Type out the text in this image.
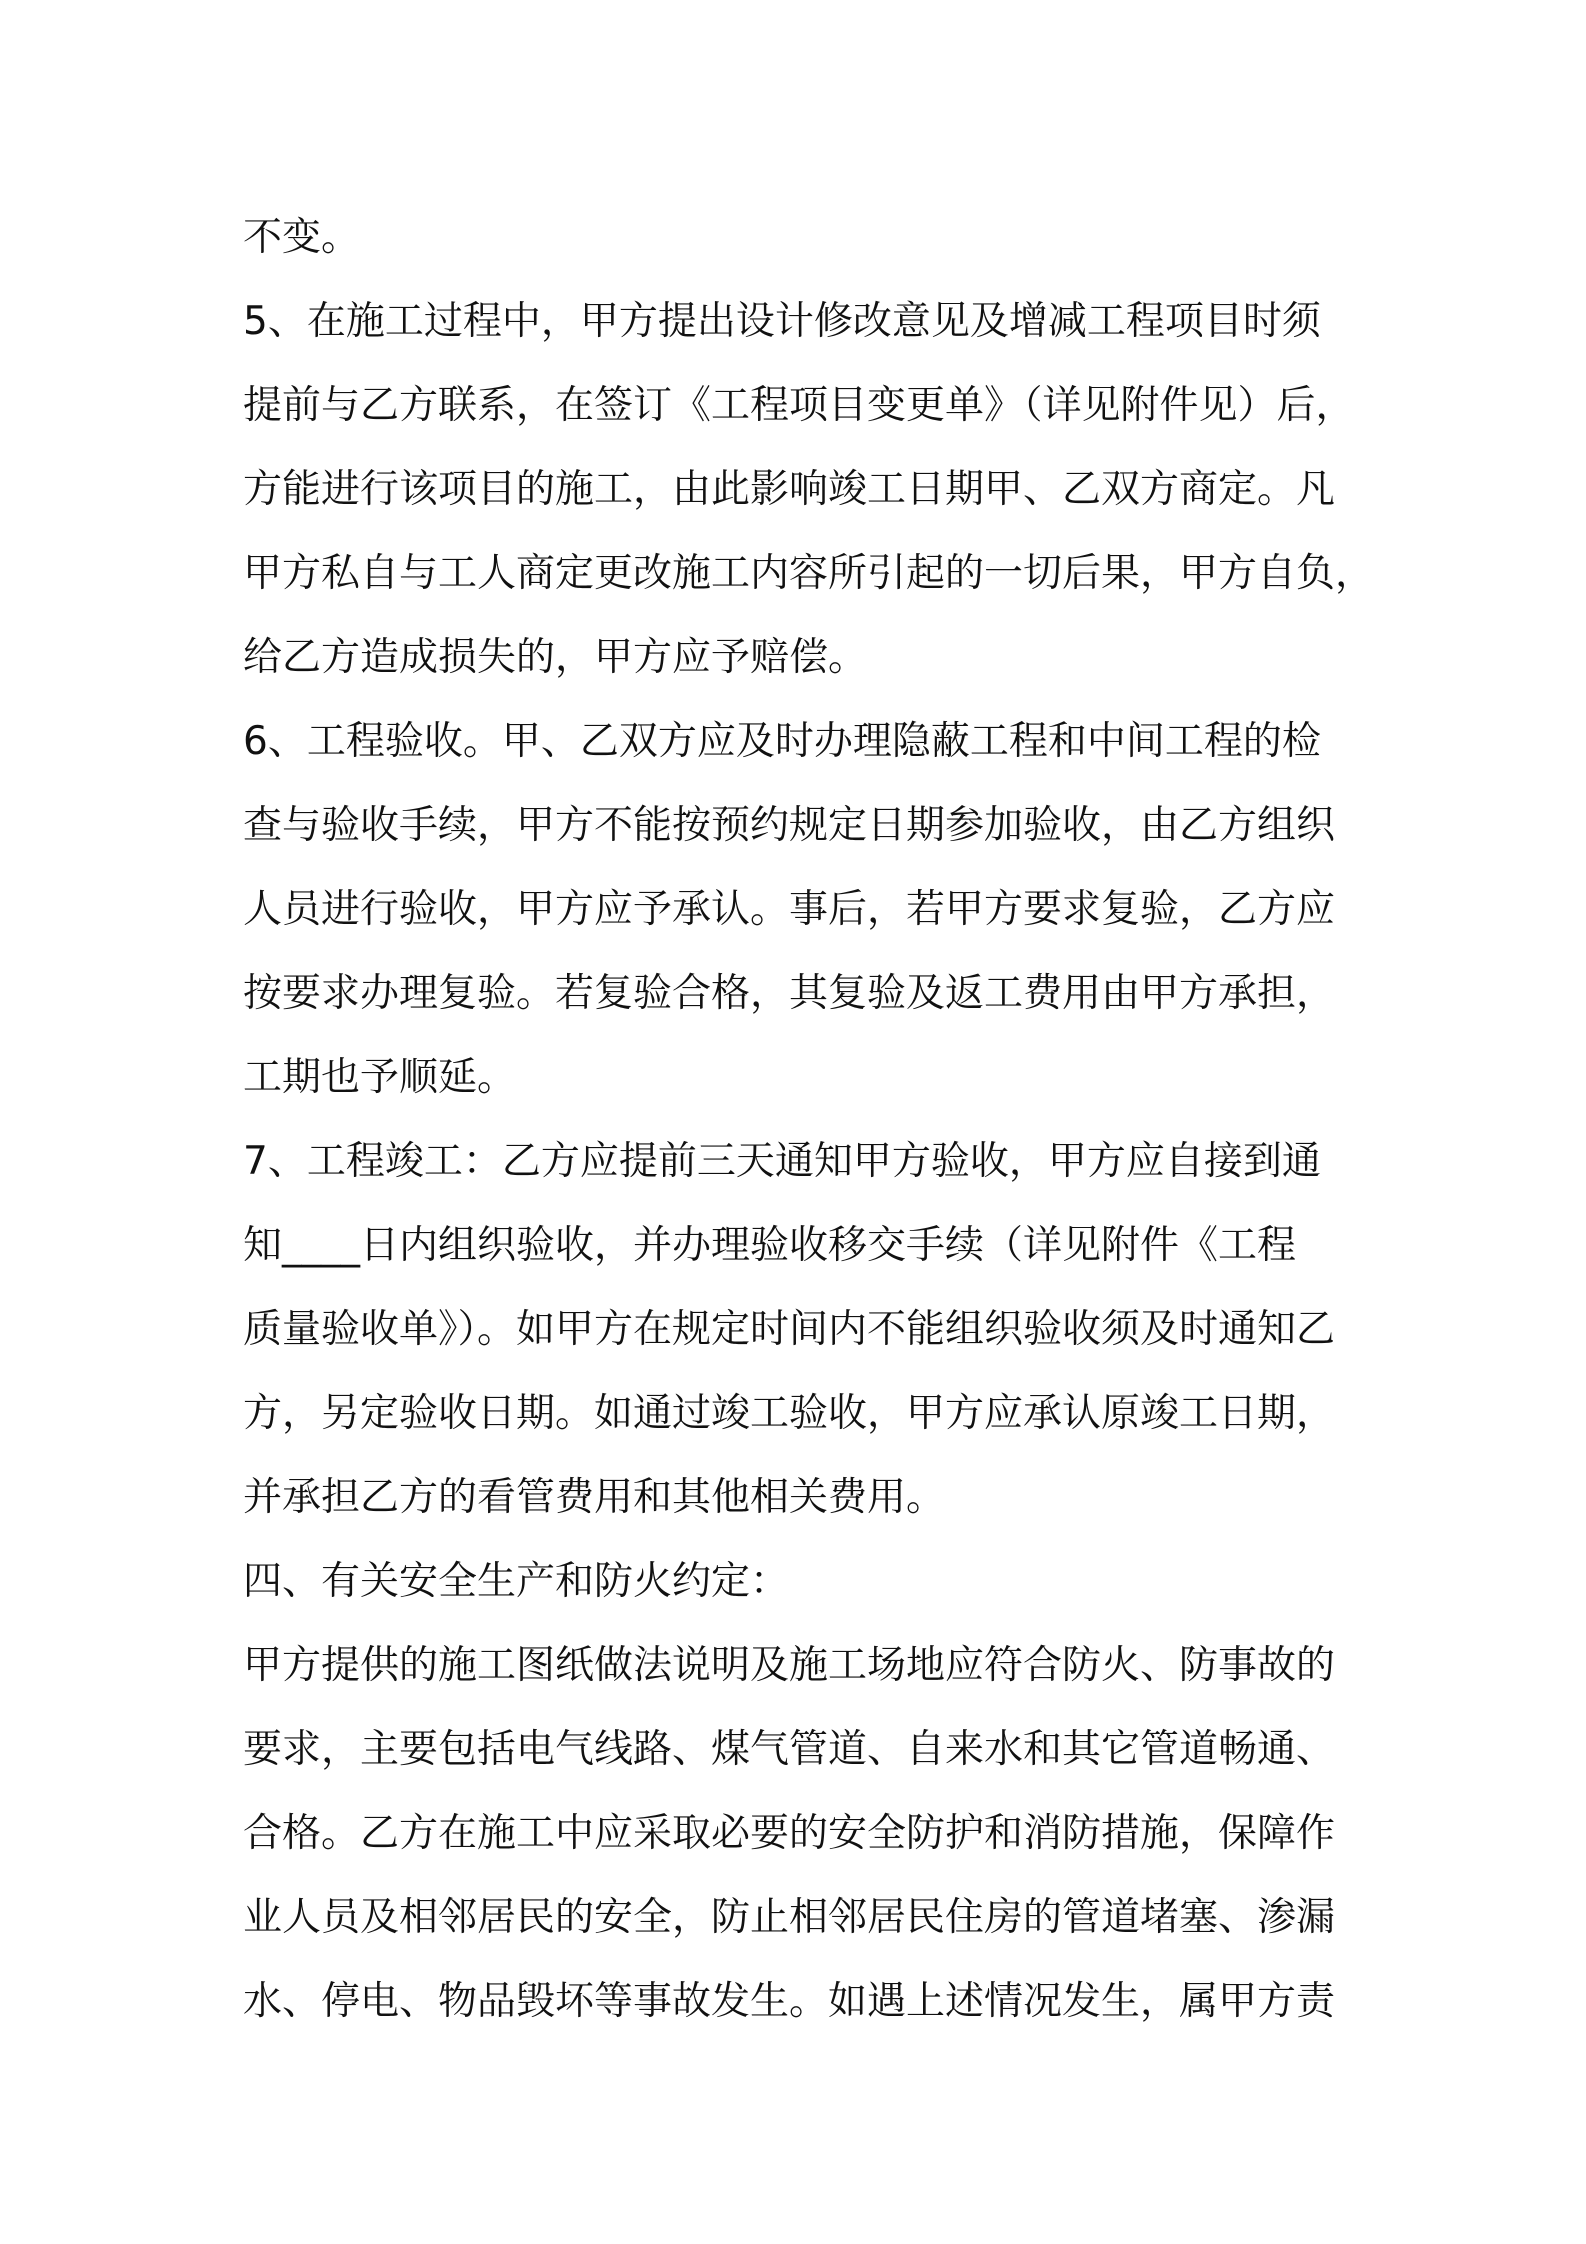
不变。
5、在施工过程中，甲方提出设计修改意见及增减工程项目时须
提前与乙方联系，在签订《工程项目变更单》（详见附件见）后，
方能进行该项目的施工，由此影响竣工日期甲、乙双方商定。凡
甲方私自与工人商定更改施工内容所引起的一切后果，甲方自负，
给乙方造成损失的，甲方应予赔偿。
6、工程验收。甲、乙双方应及时办理隐蔽工程和中间工程的检
查与验收手续，甲方不能按预约规定日期参加验收，由乙方组织
人员进行验收，甲方应予承认。事后，若甲方要求复验，乙方应
按要求办理复验。若复验合格，其复验及返工费用由甲方承担，
工期也予顺延。
7、工程竣工：乙方应提前三天通知甲方验收，甲方应自接到通
知____日内组织验收，并办理验收移交手续（详见附件《工程
质量验收单》）。如甲方在规定时间内不能组织验收须及时通知乙
方，另定验收日期。如通过竣工验收，甲方应承认原竣工日期，
并承担乙方的看管费用和其他相关费用。
四、有关安全生产和防火约定：
甲方提供的施工图纸做法说明及施工场地应符合防火、防事故的
要求，主要包括电气线路、煤气管道、自来水和其它管道畅通、
合格。乙方在施工中应采取必要的安全防护和消防措施，保障作
业人员及相邻居民的安全，防止相邻居民住房的管道堵塞、渗漏
水、停电、物品毁坏等事故发生。如遇上述情况发生，属甲方责
